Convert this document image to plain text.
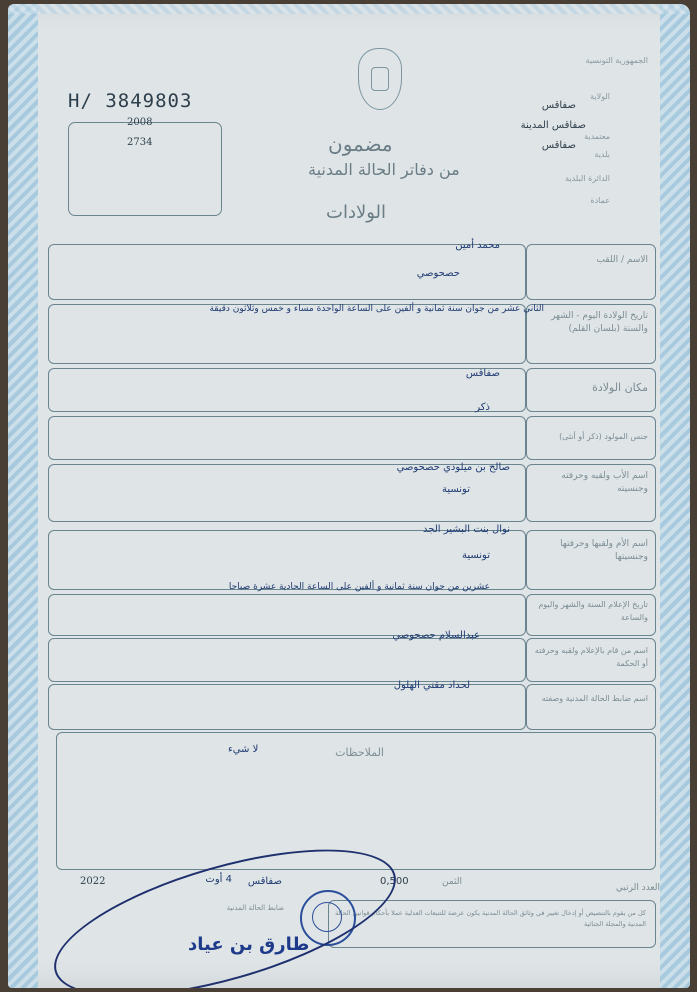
H/ 3849803
2008
2734
الجمهورية التونسية
الولاية
معتمدية
بلدية
الدائرة البلدية
عمادة
صفاقس
صفاقس المدينة
صفاقس
مضمون
من دفاتر الحالة المدنية
الولادات
الاسم / اللقب
محمد أمين
حصحوصي
تاريخ الولادة اليوم - الشهر والسنة (بلسان القلم)
الثاني عشر من جوان سنة ثمانية و ألفين على الساعة الواحدة مساء و خمس وثلاثون دقيقة
مكان الولادة
صفاقس
ذكر
جنس المولود (ذكر أو أنثى)
اسم الأب ولقبه وحرفته وجنسيته
صالح بن ميلودي حصحوصي
تونسية
اسم الأم ولقبها وحرفتها وجنسيتها
نوال بنت البشير الجد
تونسية
تاريخ الإعلام السنة والشهر واليوم والساعة
عشرين من جوان سنة ثمانية و ألفين على الساعة الحادية عشرة صباحا
اسم من قام بالإعلام ولقبه وحرفته أو الحكمة
عبدالسلام حصحوصي
اسم ضابط الحالة المدنية وصفته
لحداد مقني الهلول
الملاحظات
لا شيء
العدد الرتبي
الثمن
0,500
صفاقس
4 أوت
2022
ضابط الحالة المدنية
كل من يقوم بالتنصيص أو إدخال تغيير في وثائق الحالة المدنية يكون عرضة للتتبعات العدلية عملا بأحكام قوانين الحالة المدنية والمجلة الجنائية
طارق بن عياد
